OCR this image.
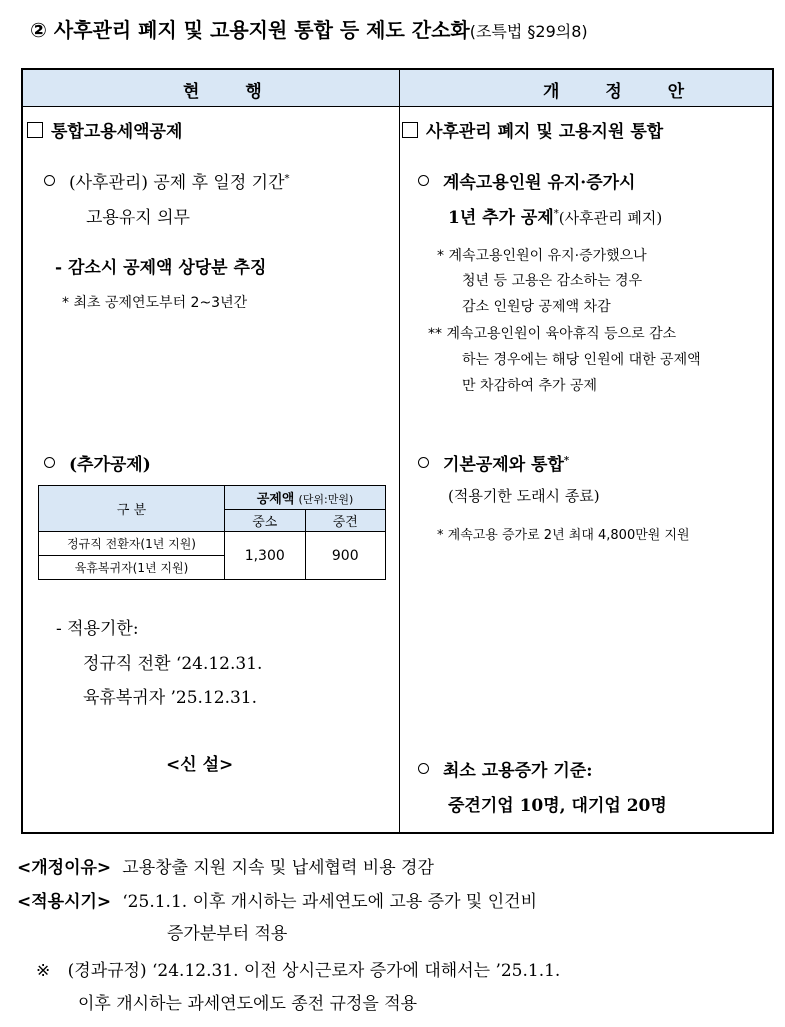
② 사후관리 폐지 및 고용지원 통합 등 제도 간소화(조특법 §29의8)
현 행	개 정 안
통합고용세액공제
(사후관리) 공제 후 일정 기간*
고용유지 의무
- 감소시 공제액 상당분 추징
* 최초 공제연도부터 2~3년간
(추가공제)
구 분	공제액 (단위:만원)	
	중소	중견
정규직 전환자(1년 지원)	1,300	900
육휴복귀자(1년 지원)		
- 적용기한:
정규직 전환 ‘24.12.31.
육휴복귀자 ’25.12.31.
<신 설>
사후관리 폐지 및 고용지원 통합
계속고용인원 유지·증가시
1년 추가 공제*(사후관리 폐지)
* 계속고용인원이 유지·증가했으나
청년 등 고용은 감소하는 경우
감소 인원당 공제액 차감
** 계속고용인원이 육아휴직 등으로 감소
하는 경우에는 해당 인원에 대한 공제액
만 차감하여 추가 공제
기본공제와 통합*
(적용기한 도래시 종료)
* 계속고용 증가로 2년 최대 4,800만원 지원
최소 고용증가 기준:
중견기업 10명, 대기업 20명
<개정이유> 고용창출 지원 지속 및 납세협력 비용 경감
<적용시기> ‘25.1.1. 이후 개시하는 과세연도에 고용 증가 및 인건비
증가분부터 적용
※ (경과규정) ‘24.12.31. 이전 상시근로자 증가에 대해서는 ’25.1.1.
이후 개시하는 과세연도에도 종전 규정을 적용
